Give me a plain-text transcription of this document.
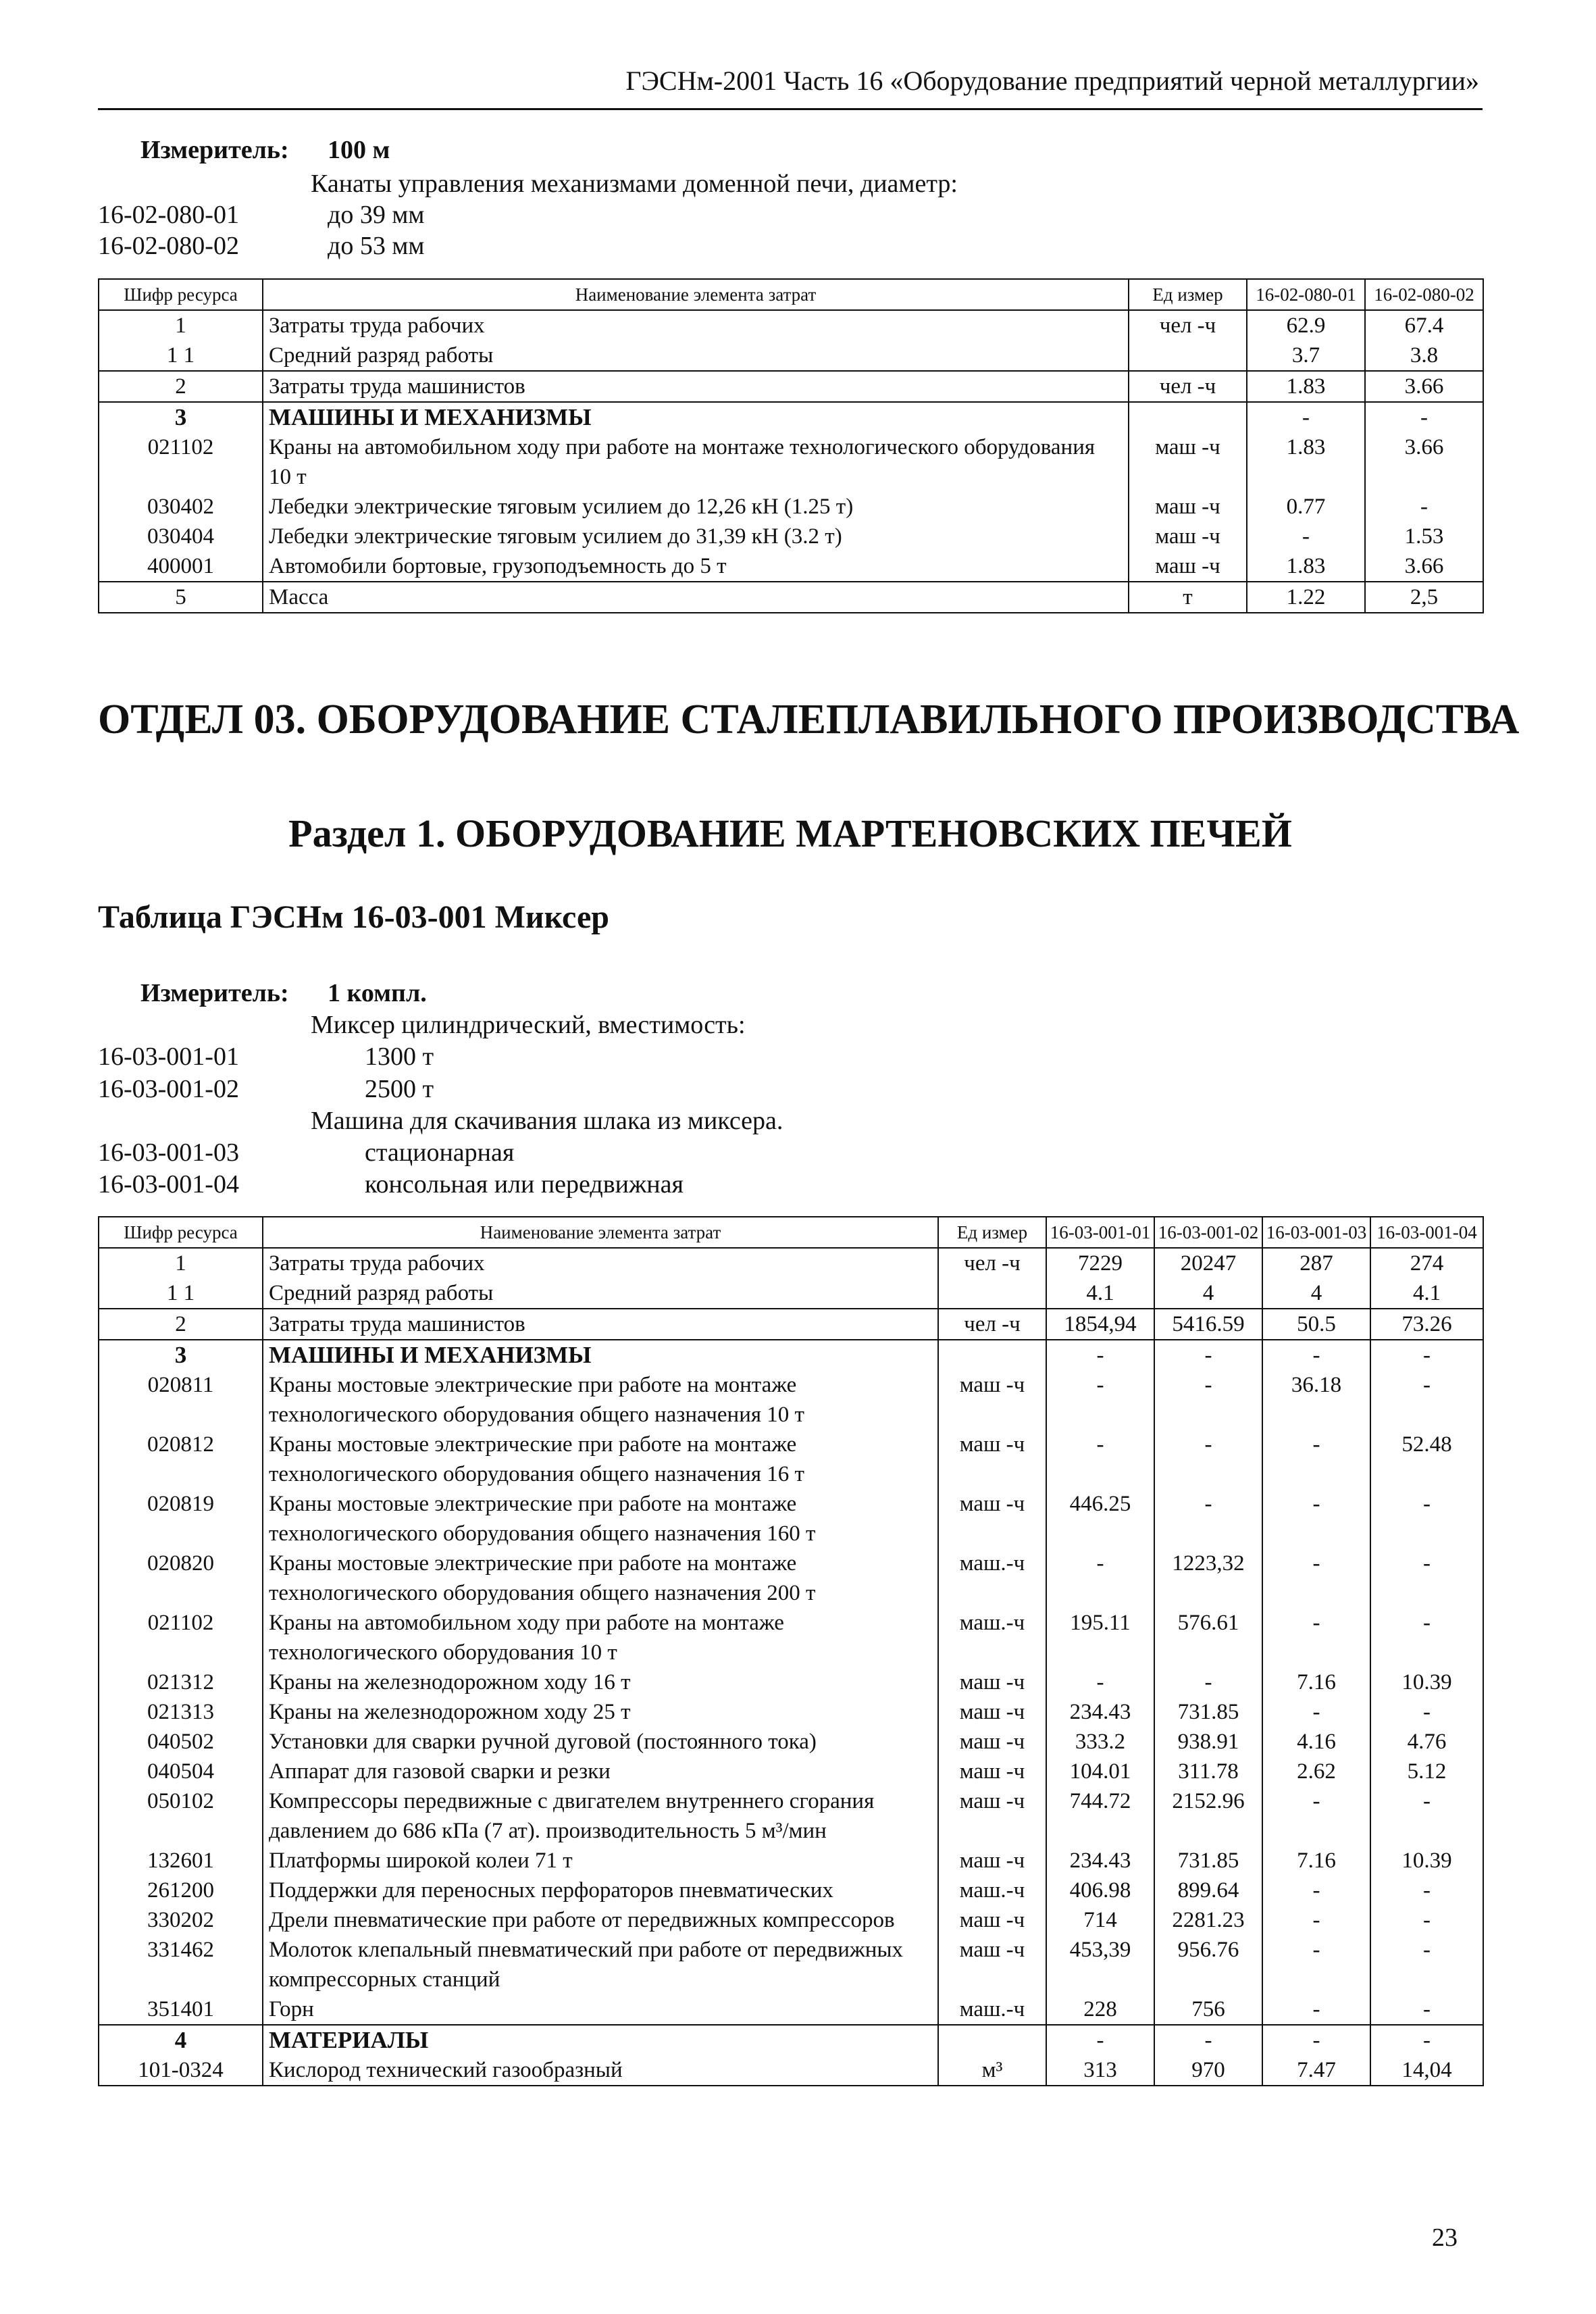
ГЭСНм-2001 Часть 16 «Оборудование предприятий черной металлургии»
Измеритель: 100 м
Канаты управления механизмами доменной печи, диаметр:
16-02-080-01	до 39 мм
16-02-080-02	до 53 мм
Шифр ресурса	Наименование элемента затрат	Ед измер	16-02-080-01	16-02-080-02
1	Затраты труда рабочих	чел -ч	62.9	67.4
1 1	Средний разряд работы		3.7	3.8
2	Затраты труда машинистов	чел -ч	1.83	3.66
3	МАШИНЫ И МЕХАНИЗМЫ		-	-
021102	Краны на автомобильном ходу при работе на монтаже технологического оборудования 10 т	маш -ч	1.83	3.66
030402	Лебедки электрические тяговым усилием до 12,26 кН (1.25 т)	маш -ч	0.77	-
030404	Лебедки электрические тяговым усилием до 31,39 кН (3.2 т)	маш -ч	-	1.53
400001	Автомобили бортовые, грузоподъемность до 5 т	маш -ч	1.83	3.66
5	Масса	т	1.22	2,5
ОТДЕЛ 03. ОБОРУДОВАНИЕ СТАЛЕПЛАВИЛЬНОГО ПРОИЗВОДСТВА
Раздел 1. ОБОРУДОВАНИЕ МАРТЕНОВСКИХ ПЕЧЕЙ
Таблица ГЭСНм 16-03-001 Миксер
Измеритель: 1 компл.
Миксер цилиндрический, вместимость:
16-03-001-01	1300 т
16-03-001-02	2500 т
Машина для скачивания шлака из миксера.
16-03-001-03	стационарная
16-03-001-04	консольная или передвижная
Шифр ресурса	Наименование элемента затрат	Ед измер	16-03-001-01	16-03-001-02	16-03-001-03	16-03-001-04
1	Затраты труда рабочих	чел -ч	7229	20247	287	274
1 1	Средний разряд работы		4.1	4	4	4.1
2	Затраты труда машинистов	чел -ч	1854,94	5416.59	50.5	73.26
3	МАШИНЫ И МЕХАНИЗМЫ		-	-	-	-
020811	Краны мостовые электрические при работе на монтаже технологического оборудования общего назначения 10 т	маш -ч	-	-	36.18	-
020812	Краны мостовые электрические при работе на монтаже технологического оборудования общего назначения 16 т	маш -ч	-	-	-	52.48
020819	Краны мостовые электрические при работе на монтаже технологического оборудования общего назначения 160 т	маш -ч	446.25	-	-	-
020820	Краны мостовые электрические при работе на монтаже технологического оборудования общего назначения 200 т	маш.-ч	-	1223,32	-	-
021102	Краны на автомобильном ходу при работе на монтаже технологического оборудования 10 т	маш.-ч	195.11	576.61	-	-
021312	Краны на железнодорожном ходу 16 т	маш -ч	-	-	7.16	10.39
021313	Краны на железнодорожном ходу 25 т	маш -ч	234.43	731.85	-	-
040502	Установки для сварки ручной дуговой (постоянного тока)	маш -ч	333.2	938.91	4.16	4.76
040504	Аппарат для газовой сварки и резки	маш -ч	104.01	311.78	2.62	5.12
050102	Компрессоры передвижные с двигателем внутреннего сгорания давлением до 686 кПа (7 ат). производительность 5 м³/мин	маш -ч	744.72	2152.96	-	-
132601	Платформы широкой колеи 71 т	маш -ч	234.43	731.85	7.16	10.39
261200	Поддержки для переносных перфораторов пневматических	маш.-ч	406.98	899.64	-	-
330202	Дрели пневматические при работе от передвижных компрессоров	маш -ч	714	2281.23	-	-
331462	Молоток клепальный пневматический при работе от передвижных компрессорных станций	маш -ч	453,39	956.76	-	-
351401	Горн	маш.-ч	228	756	-	-
4	МАТЕРИАЛЫ		-	-	-	-
101-0324	Кислород технический газообразный	м³	313	970	7.47	14,04
23
